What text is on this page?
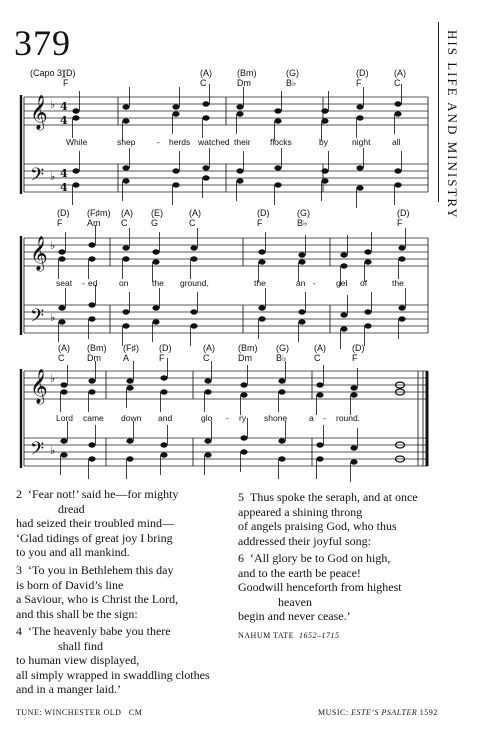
379	HIS LIFE AND MINISTRY
(Capo 3)
𝄞
𝄢
𝄞
𝄢
𝄞
𝄢
♭
♭
♭
♭
♭
♭
4
4
4
4
(D)
F
(A)
C
(Bm)
Dm
(G)
B♭
(D)
F
(A)
C
While	shep	- herds watched their flocks	by	night	all
(D)
F
(F♯m)
Am
(A)
C
(E)
G
(A)
C
(D)
F
(G)
B♭
(D)
F
seat - ed	on	the ground,	the	an - gel of	the
(A)
C
(Bm)
Dm
(F♯)
A
(D)
F
(A)
C
(Bm)
Dm
(G)
B♭
(A)
C
(D)
F
Lord came down and	glo - ry shone	a - round.
2 ‘Fear not!’ said he—for mighty
dread
had seized their troubled mind—
‘Glad tidings of great joy I bring
to you and all mankind.
3 ‘To you in Bethlehem this day
is born of David’s line
a Saviour, who is Christ the Lord,
and this shall be the sign:
4 ‘The heavenly babe you there
shall find
to human view displayed,
all simply wrapped in swaddling clothes
and in a manger laid.’
5 Thus spoke the seraph, and at once
appeared a shining throng
of angels praising God, who thus
addressed their joyful song:
6 ‘All glory be to God on high,
and to the earth be peace!
Goodwill henceforth from highest
heaven
begin and never cease.’
NAHUM TATE 1652–1715
TUNE: WINCHESTER OLD CM	MUSIC: ESTE’S PSALTER 1592
